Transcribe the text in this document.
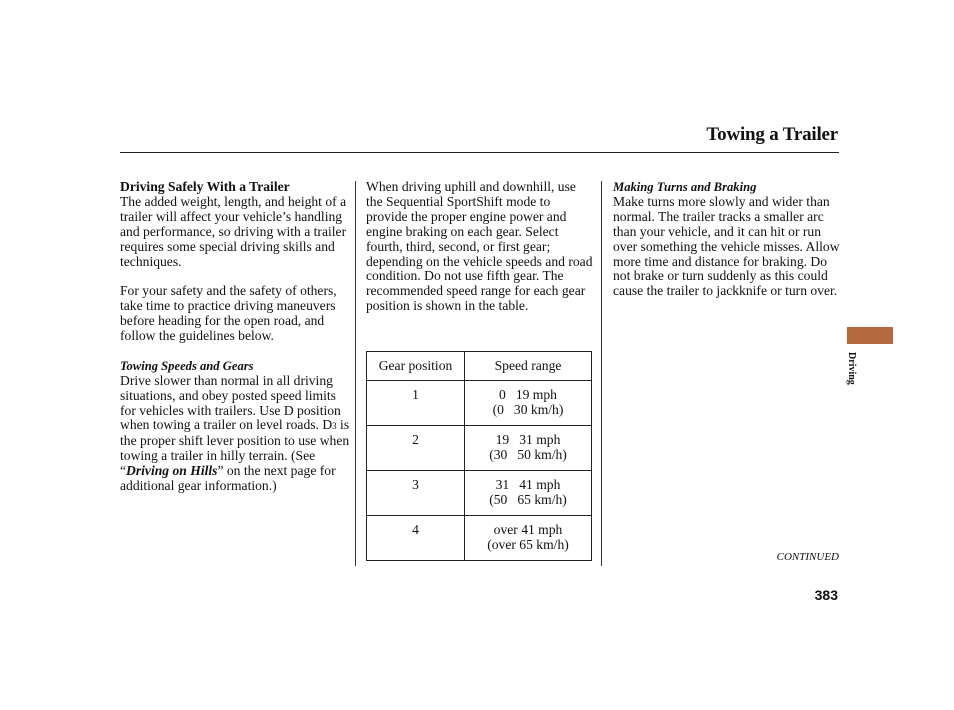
Towing a Trailer

Driving Safely With a Trailer

The added weight, length, and height of a trailer will affect your vehicle’s handling and performance, so driving with a trailer requires some special driving skills and techniques.

For your safety and the safety of others, take time to practice driving maneuvers before heading for the open road, and follow the guidelines below.

Towing Speeds and Gears

Drive slower than normal in all driving situations, and obey posted speed limits for vehicles with trailers. Use D position when towing a trailer on level roads. D3 is the proper shift lever position to use when towing a trailer in hilly terrain. (See “Driving on Hills” on the next page for additional gear information.)

When driving uphill and downhill, use the Sequential SportShift mode to provide the proper engine power and engine braking on each gear. Select fourth, third, second, or first gear; depending on the vehicle speeds and road condition. Do not use fifth gear. The recommended speed range for each gear position is shown in the table.

Gear position	Speed range
1	0 19 mph
(0 30 km/h)

2	19 31 mph
(30 50 km/h)

3	31 41 mph
(50 65 km/h)

4	over 41 mph
(over 65 km/h)

Making Turns and Braking

Make turns more slowly and wider than normal. The trailer tracks a smaller arc than your vehicle, and it can hit or run over something the vehicle misses. Allow more time and distance for braking. Do not brake or turn suddenly as this could cause the trailer to jackknife or turn over.

Driving
CONTINUED
383
